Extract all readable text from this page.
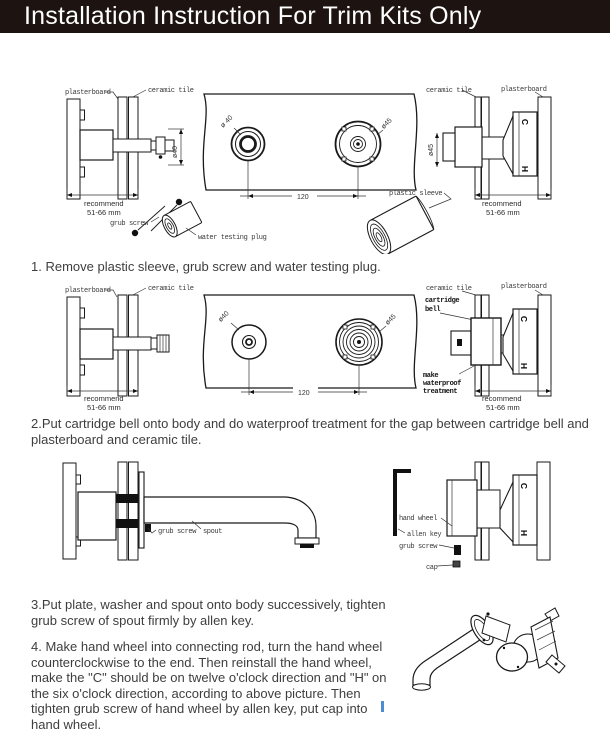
Installation Instruction For Trim Kits Only
plasterboard	ceramic tile
ø40
recommend
51-66 mm
ø 40	ø45
120	plastic sleeve
grub screw
water testing plug
ceramic tile	plasterboard
ø45
C
H
recommend
51-66 mm
1. Remove plastic sleeve, grub screw and water testing plug.
plasterboard	ceramic tile
recommend
51-66 mm
ø40	ø45
120
ceramic tile	plasterboard
cartridge
bell
C
H
make
waterproof
treatment
recommend
51-66 mm
2.Put cartridge bell onto body and do waterproof treatment for the gap between cartridge bell and plasterboard and ceramic tile.
grub screw spout
C
H
hand wheel
allen key
grub screw
cap
3.Put plate, washer and spout onto body successively, tighten grub screw of spout firmly by allen key.
4. Make hand wheel into connecting rod, turn the hand wheel counterclockwise to the end. Then reinstall the hand wheel, make the "C" should be on twelve o'clock direction and "H" on the six o'clock direction, according to above picture. Then tighten grub screw of hand wheel by allen key, put cap into hand wheel.
